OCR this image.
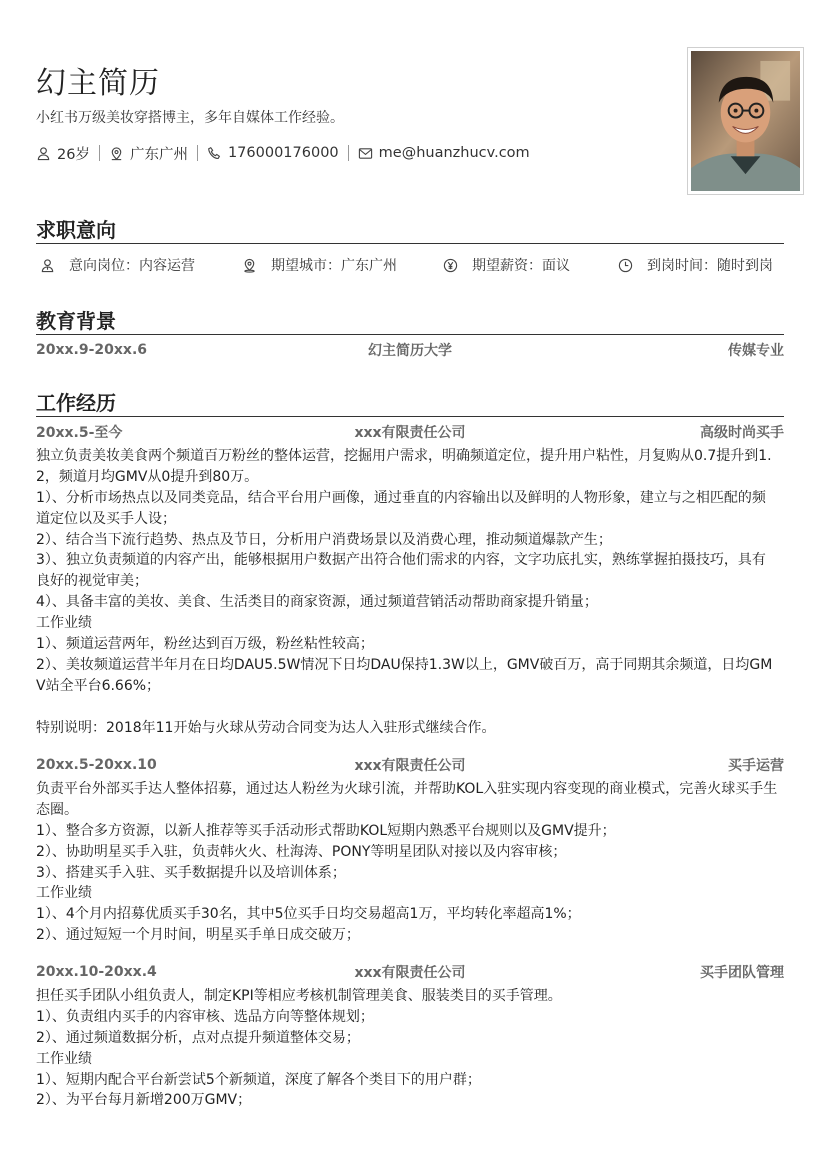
幻主简历
小红书万级美妆穿搭博主，多年自媒体工作经验。
26岁	广东广州	176000176000	me@huanzhucv.com
求职意向
意向岗位：内容运营	期望城市：广东广州	期望薪资：面议	到岗时间：随时到岗
教育背景
20xx.9-20xx.6	幻主简历大学	传媒专业
工作经历
20xx.5-至今	xxx有限责任公司	高级时尚买手
独立负责美妆美食两个频道百万粉丝的整体运营，挖掘用户需求，明确频道定位，提升用户粘性，月复购从0.7提升到1.
2，频道月均GMV从0提升到80万。
1）、分析市场热点以及同类竞品，结合平台用户画像，通过垂直的内容输出以及鲜明的人物形象，建立与之相匹配的频
道定位以及买手人设；
2）、结合当下流行趋势、热点及节日，分析用户消费场景以及消费心理，推动频道爆款产生；
3）、独立负责频道的内容产出，能够根据用户数据产出符合他们需求的内容，文字功底扎实，熟练掌握拍摄技巧，具有
良好的视觉审美；
4）、具备丰富的美妆、美食、生活类目的商家资源，通过频道营销活动帮助商家提升销量；
工作业绩
1）、频道运营两年，粉丝达到百万级，粉丝粘性较高；
2）、美妆频道运营半年月在日均DAU5.5W情况下日均DAU保持1.3W以上，GMV破百万，高于同期其余频道，日均GM
V站全平台6.66%；
特别说明：2018年11开始与火球从劳动合同变为达人入驻形式继续合作。
20xx.5-20xx.10	xxx有限责任公司	买手运营
负责平台外部买手达人整体招募，通过达人粉丝为火球引流，并帮助KOL入驻实现内容变现的商业模式，完善火球买手生
态圈。
1）、整合多方资源，以新人推荐等买手活动形式帮助KOL短期内熟悉平台规则以及GMV提升；
2）、协助明星买手入驻，负责韩火火、杜海涛、PONY等明星团队对接以及内容审核；
3）、搭建买手入驻、买手数据提升以及培训体系；
工作业绩
1）、4个月内招募优质买手30名，其中5位买手日均交易超高1万，平均转化率超高1%；
2）、通过短短一个月时间，明星买手单日成交破万；
20xx.10-20xx.4	xxx有限责任公司	买手团队管理
担任买手团队小组负责人，制定KPI等相应考核机制管理美食、服装类目的买手管理。
1）、负责组内买手的内容审核、选品方向等整体规划；
2）、通过频道数据分析，点对点提升频道整体交易；
工作业绩
1）、短期内配合平台新尝试5个新频道，深度了解各个类目下的用户群；
2）、为平台每月新增200万GMV；
